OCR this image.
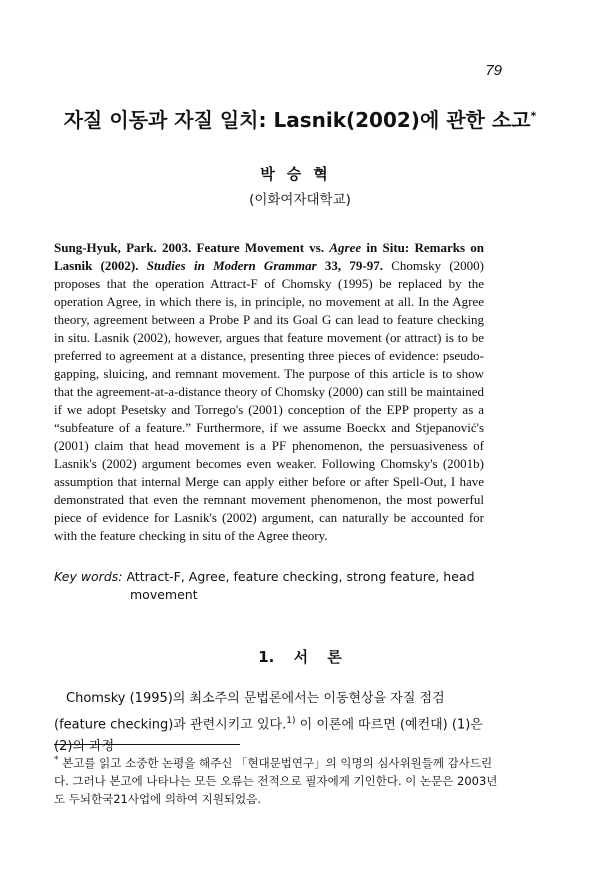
79
자질 이동과 자질 일치: Lasnik(2002)에 관한 소고*
박승혁
(이화여자대학교)
Sung-Hyuk, Park. 2003. Feature Movement vs. Agree in Situ: Remarks on Lasnik (2002). Studies in Modern Grammar 33, 79-97. Chomsky (2000) proposes that the operation Attract-F of Chomsky (1995) be replaced by the operation Agree, in which there is, in principle, no movement at all. In the Agree theory, agreement between a Probe P and its Goal G can lead to feature checking in situ. Lasnik (2002), however, argues that feature movement (or attract) is to be preferred to agreement at a distance, presenting three pieces of evidence: pseudo-gapping, sluicing, and remnant movement. The purpose of this article is to show that the agreement-at-a-distance theory of Chomsky (2000) can still be maintained if we adopt Pesetsky and Torrego's (2001) conception of the EPP property as a “subfeature of a feature.” Furthermore, if we assume Boeckx and Stjepanović's (2001) claim that head movement is a PF phenomenon, the persuasiveness of Lasnik's (2002) argument becomes even weaker. Following Chomsky's (2001b) assumption that internal Merge can apply either before or after Spell-Out, I have demonstrated that even the remnant movement phenomenon, the most powerful piece of evidence for Lasnik's (2002) argument, can naturally be accounted for with the feature checking in situ of the Agree theory.
Key words: Attract-F, Agree, feature checking, strong feature, head
movement
1. 서 론
Chomsky (1995)의 최소주의 문법론에서는 이동현상을 자질 점검(feature checking)과 관련시키고 있다.$^{1)}$ 이 이론에 따르면 (예컨대) (1)은 (2)의 과정
* 본고를 읽고 소중한 논평을 해주신 「현대문법연구」의 익명의 심사위원들께 감사드린다. 그러나 본고에 나타나는 모든 오류는 전적으로 필자에게 기인한다. 이 논문은 2003년도 두뇌한국21사업에 의하여 지원되었음.
